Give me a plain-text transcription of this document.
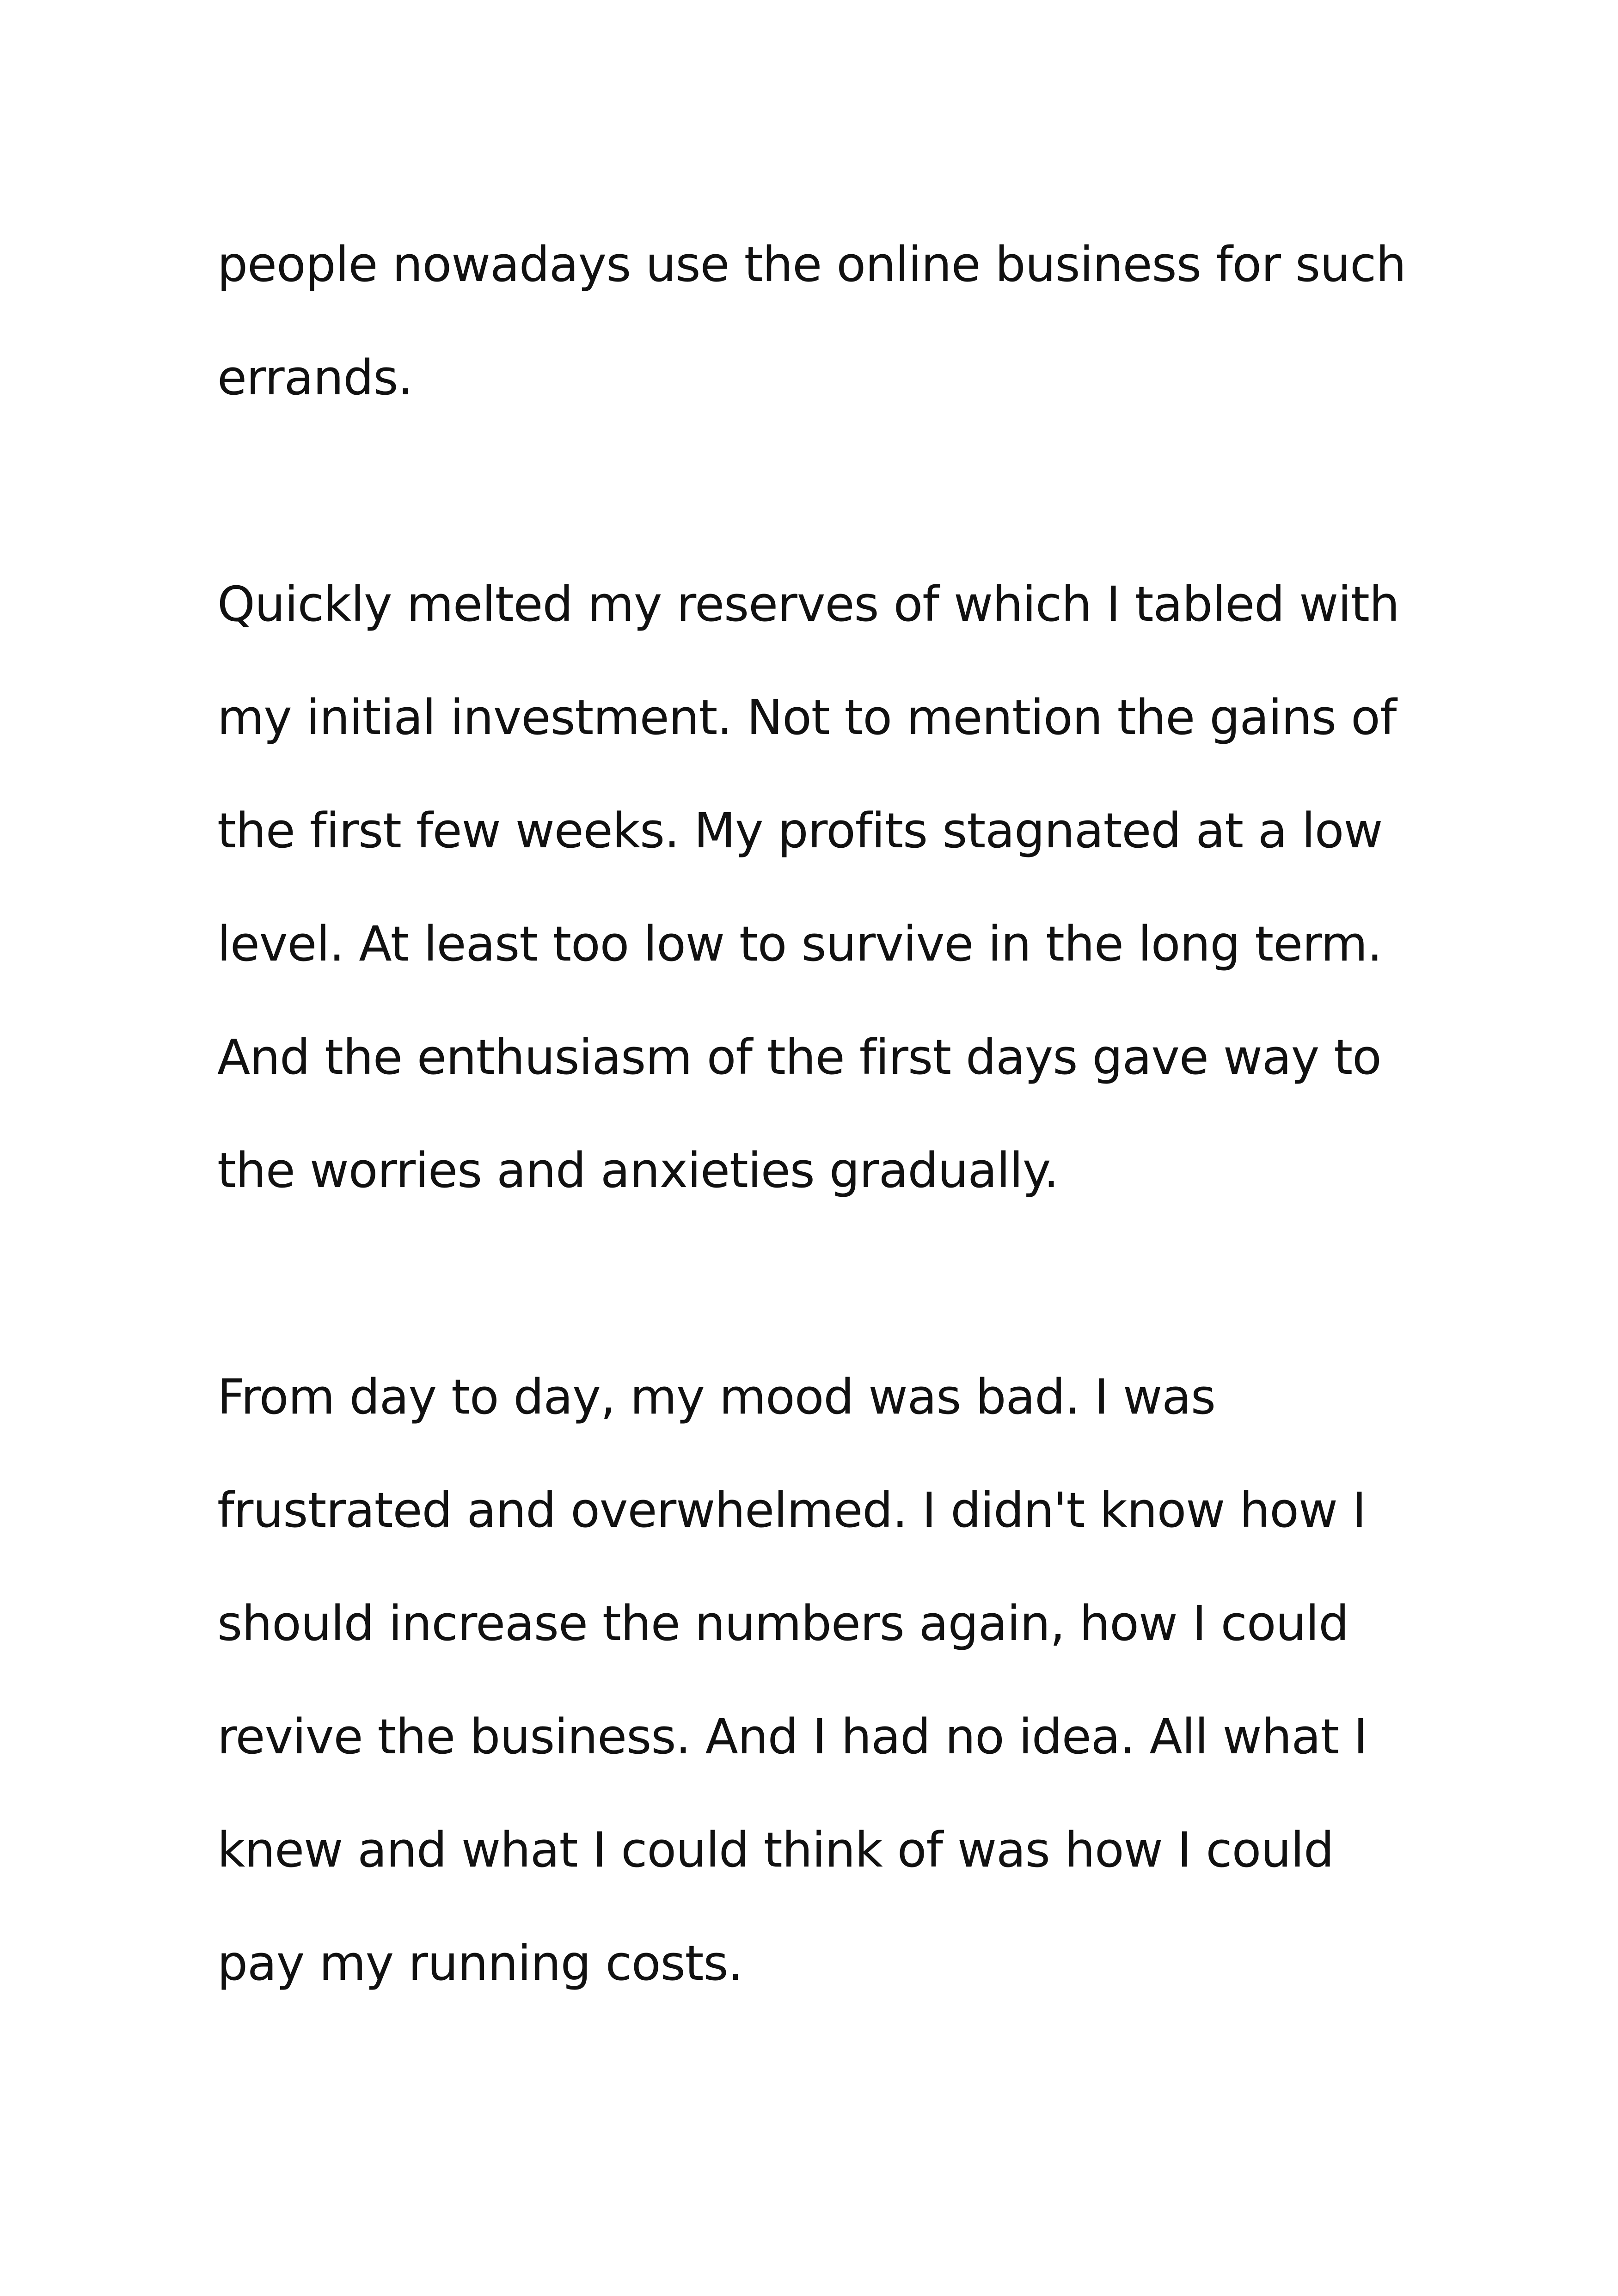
people nowadays use the online business for such
errands.

Quickly melted my reserves of which I tabled with
my initial investment. Not to mention the gains of
the first few weeks. My profits stagnated at a low
level. At least too low to survive in the long term.
And the enthusiasm of the first days gave way to
the worries and anxieties gradually.

From day to day, my mood was bad. I was
frustrated and overwhelmed. I didn't know how I
should increase the numbers again, how I could
revive the business. And I had no idea. All what I
knew and what I could think of was how I could
pay my running costs.
